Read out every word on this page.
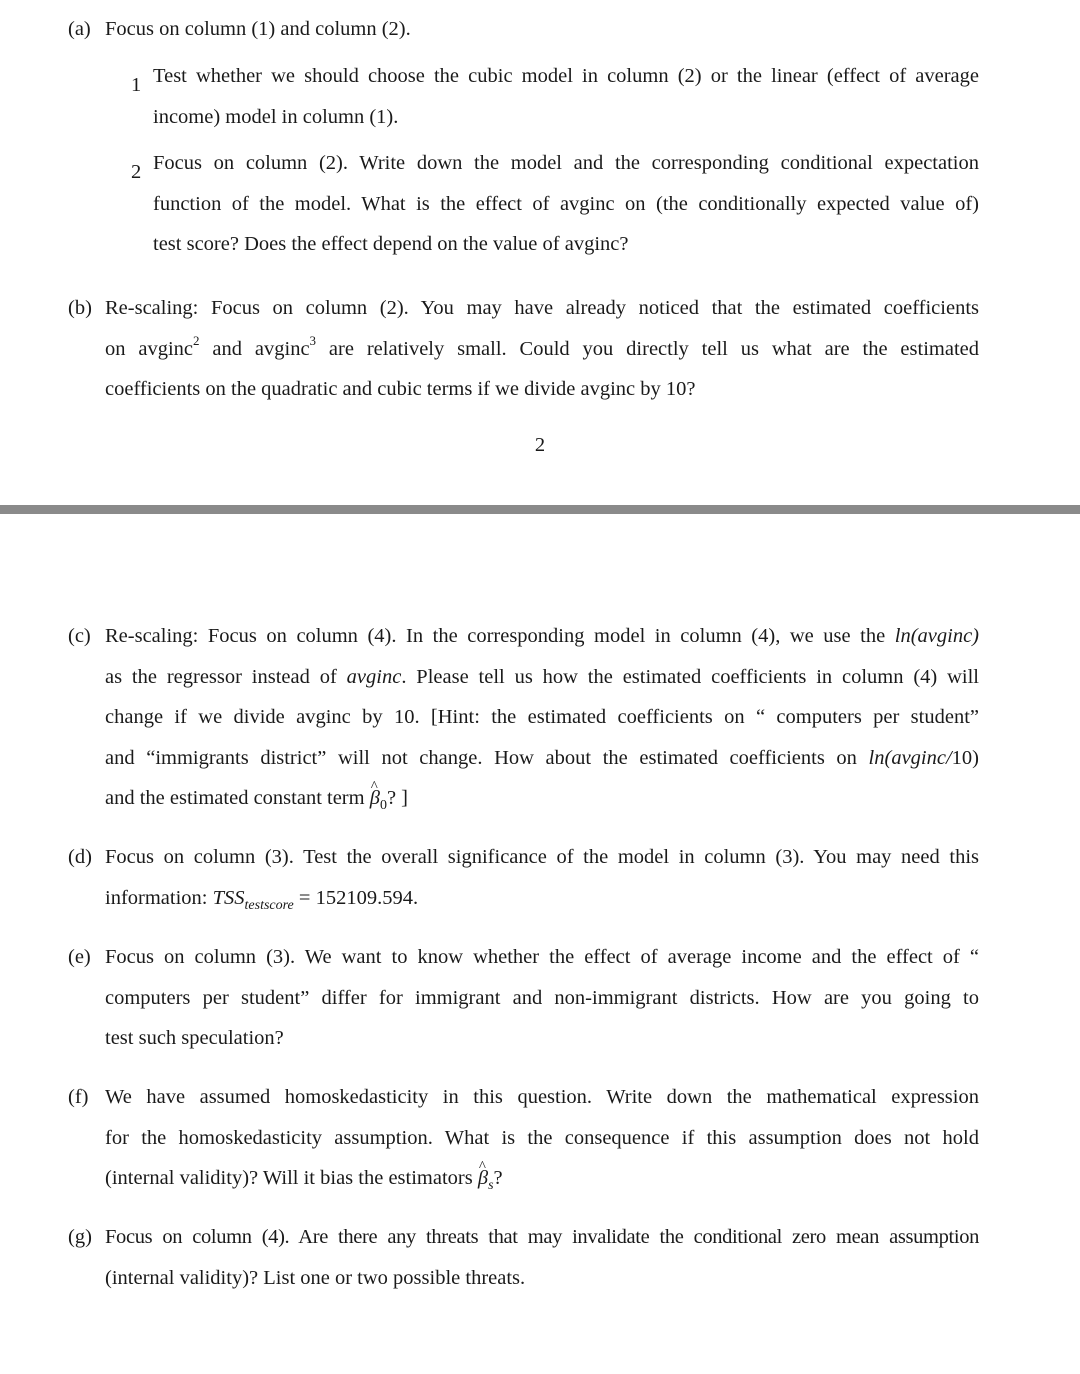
(a) Focus on column (1) and column (2).
1 Test whether we should choose the cubic model in column (2) or the linear (effect of average
income) model in column (1).
2 Focus on column (2). Write down the model and the corresponding conditional expectation
function of the model. What is the effect of avginc on (the conditionally expected value of)
test score? Does the effect depend on the value of avginc?
(b) Re-scaling: Focus on column (2). You may have already noticed that the estimated coefficients
on avginc$^2$ and avginc$^3$ are relatively small. Could you directly tell us what are the estimated
coefficients on the quadratic and cubic terms if we divide avginc by 10?
2
(c) Re-scaling: Focus on column (4). In the corresponding model in column (4), we use the ln(avginc)
as the regressor instead of avginc. Please tell us how the estimated coefficients in column (4) will
change if we divide avginc by 10. [Hint: the estimated coefficients on “ computers per student”
and “immigrants district” will not change. How about the estimated coefficients on ln(avginc/10)
and the estimated constant term ^ $\beta_0$? ]
(d) Focus on column (3). Test the overall significance of the model in column (3). You may need this
information: $TSS_{testscore} = 152109.594$.
(e) Focus on column (3). We want to know whether the effect of average income and the effect of “
computers per student” differ for immigrant and non-immigrant districts. How are you going to
test such speculation?
(f) We have assumed homoskedasticity in this question. Write down the mathematical expression
for the homoskedasticity assumption. What is the consequence if this assumption does not hold
(internal validity)? Will it bias the estimators ^ $\beta_s$?
(g) Focus on column (4). Are there any threats that may invalidate the conditional zero mean assumption
(internal validity)? List one or two possible threats.
